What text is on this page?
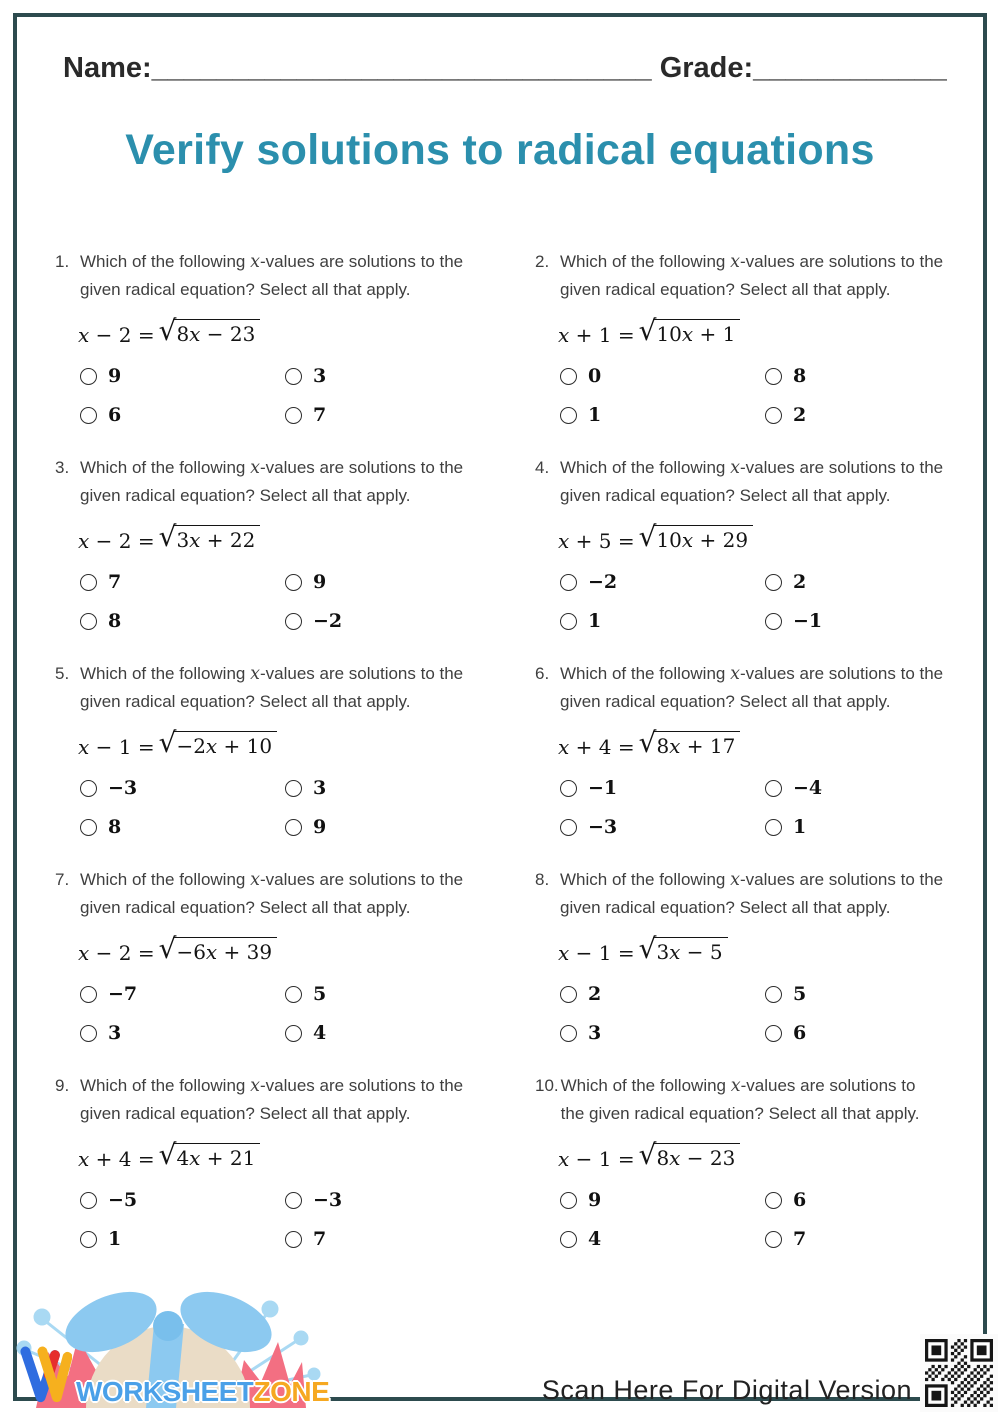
Name:_______________________________ Grade:____________
Verify solutions to radical equations
1. Which of the following x-values are solutions to the given radical equation? Select all that apply.
x − 2 = √ 8x − 23
9	3
6	7
2. Which of the following x-values are solutions to the given radical equation? Select all that apply.
x + 1 = √ 10x + 1
0	8
1	2
3. Which of the following x-values are solutions to the given radical equation? Select all that apply.
x − 2 = √ 3x + 22
7	9
8	−2
4. Which of the following x-values are solutions to the given radical equation? Select all that apply.
x + 5 = √ 10x + 29
−2	2
1	−1
5. Which of the following x-values are solutions to the given radical equation? Select all that apply.
x − 1 = √ −2x + 10
−3	3
8	9
6. Which of the following x-values are solutions to the given radical equation? Select all that apply.
x + 4 = √ 8x + 17
−1	−4
−3	1
7. Which of the following x-values are solutions to the given radical equation? Select all that apply.
x − 2 = √ −6x + 39
−7	5
3	4
8. Which of the following x-values are solutions to the given radical equation? Select all that apply.
x − 1 = √ 3x − 5
2	5
3	6
9. Which of the following x-values are solutions to the given radical equation? Select all that apply.
x + 4 = √ 4x + 21
−5	−3
1	7
10. Which of the following x-values are solutions to the given radical equation? Select all that apply.
x − 1 = √ 8x − 23
9	6
4	7
WORKSHEETZONE	Scan Here For Digital Version
